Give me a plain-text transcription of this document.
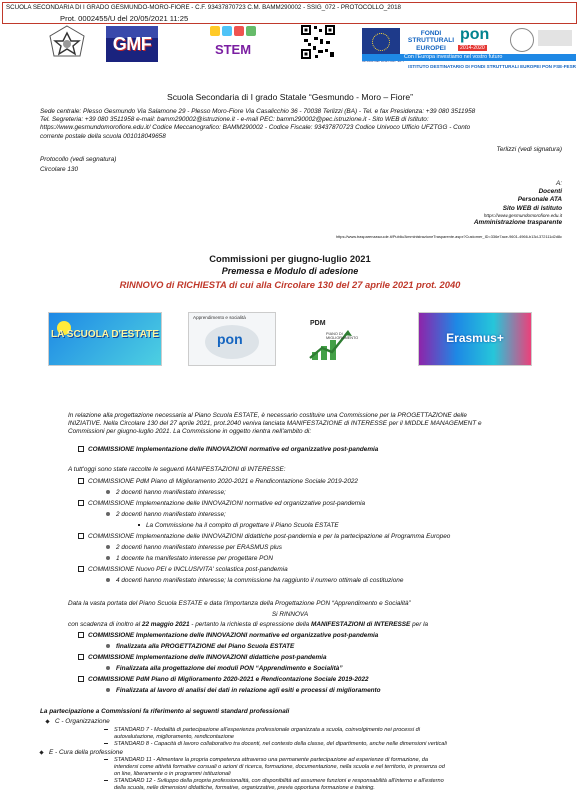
SCUOLA SECONDARIA DI I GRADO GESMUNDO-MORO-FIORE - C.F. 93437870723 C.M. BAMM290002 - SSIG_072 - PROTOCOLLO_2018
Prot. 0002455/U del 20/05/2021 11:25
GMF	STEM
FONDI STRUTTURALI EUROPEI
pon
2014-2020
Con l'Europa investiamo nel vostro futuro
ISTITUTO DESTINATARIO DI FONDI STRUTTURALI EUROPEI PON FSE-FESR
Scuola Secondaria di I grado Statale “Gesmundo - Moro – Fiore”
Sede centrale: Plesso Gesmundo Via Salamone 29 - Plesso Moro-Fiore Via Casalicchio 36 - 70038 Terlizzi (BA) - Tel. e fax Presidenza: +39 080 3511958
Tel. Segreteria: +39 080 3511958 e-mail: bamm290002@istruzione.it - e-mail PEC: bamm290002@pec.istruzione.it - Sito WEB di Istituto:
https://www.gesmundomorofiore.edu.it/ Codice Meccanografico: BAMM290002 - Codice Fiscale: 93437870723 Codice Univoco Ufficio UFZTGG - Conto
corrente postale della scuola 001018049658
Terlizzi (vedi signatura)
Protocollo (vedi segnatura)
Circolare 130
A:
Docenti
Personale ATA
Sito WEB di Istituto
https://www.gesmundomorofiore.edu.it
Amministrazione trasparente
https://www.trasparenzascuole.it/Public/AmministrazioneTrasparente.aspx?Customer_ID=336e7ace-9601-4966-b13d-372111d2d8c
Commissioni per giugno-luglio 2021
Premessa e Modulo di adesione
RINNOVO di RICHIESTA di cui alla Circolare 130 del 27 aprile 2021 prot. 2040
LA SCUOLA D'ESTATE
Apprendimento e socialità
pon
PDM
PIANO DI MIGLIORAMENTO	Erasmus+
In relazione alla progettazione necessaria al Piano Scuola ESTATE, è necessario costituire una Commissione per la PROGETTAZIONE delle
INIZIATIVE. Nella Circolare 130 del 27 aprile 2021, prot.2040 veniva lanciata MANIFESTAZIONE di INTERESSE per il MIDDLE MANAGEMENT e
Commissioni per giugno-luglio 2021. La Commissione in oggetto rientra nell'ambito di:
COMMISSIONE Implementazione delle INNOVAZIONI normative ed organizzative post-pandemia
A tutt'oggi sono state raccolte le seguenti MANIFESTAZIONI di INTERESSE:
COMMISSIONE PdM Piano di Miglioramento 2020-2021 e Rendicontazione Sociale 2019-2022
2 docenti hanno manifestato interesse;
COMMISSIONE Implementazione delle INNOVAZIONI normative ed organizzative post-pandemia
2 docenti hanno manifestato interesse;
La Commissione ha il compito di progettare il Piano Scuola ESTATE
COMMISSIONE Implementazione delle INNOVAZIONI didattiche post-pandemia e per la partecipazione al Programma Europeo
2 docenti hanno manifestato interesse per ERASMUS plus
1 docente ha manifestato interesse per progettare PON
COMMISSIONE Nuovo PEI e INCLUSIVITA' scolastica post-pandemia
4 docenti hanno manifestato interesse; la commissione ha raggiunto il numero ottimale di costituzione
Data la vasta portata del Piano Scuola ESTATE e data l'importanza della Progettazione PON “Apprendimento e Socialità”
Si RINNOVA
con scadenza di inoltro al 22 maggio 2021 - pertanto la richiesta di espressione della MANIFESTAZIONI di INTERESSE per la
COMMISSIONE Implementazione delle INNOVAZIONI normative ed organizzative post-pandemia
finalizzata alla PROGETTAZIONE del Piano Scuola ESTATE
COMMISSIONE Implementazione delle INNOVAZIONI didattiche post-pandemia
Finalizzata alla progettazione dei moduli PON “Apprendimento e Socialità”
COMMISSIONE PdM Piano di Miglioramento 2020-2021 e Rendicontazione Sociale 2019-2022
Finalizzata al lavoro di analisi dei dati in relazione agli esiti e processi di miglioramento
La partecipazione a Commissioni fa riferimento ai seguenti standard professionali
C - Organizzazione
STANDARD 7 - Modalità di partecipazione all'esperienza professionale organizzata a scuola, coinvolgimento nei processi di
autovalutazione, miglioramento, rendicontazione
STANDARD 8 - Capacità di lavoro collaborativo tra docenti, nel contesto della classe, del dipartimento, anche nelle dimensioni verticali
E - Cura della professione
STANDARD 11 - Alimentare la propria competenza attraverso una permanente partecipazione ad esperienze di formazione, da
intendersi come attività formative corsuali o azioni di ricerca, formazione, documentazione, nella scuola e nel territorio, in presenza od
on line, liberamente o in programmi istituzionali
STANDARD 12 - Sviluppo della propria professionalità, con disponibilità ad assumere funzioni e responsabilità all'interno e all'esterno
della scuola, nelle dimensioni didattiche, formative, organizzative, previa opportuna formazione e training.
